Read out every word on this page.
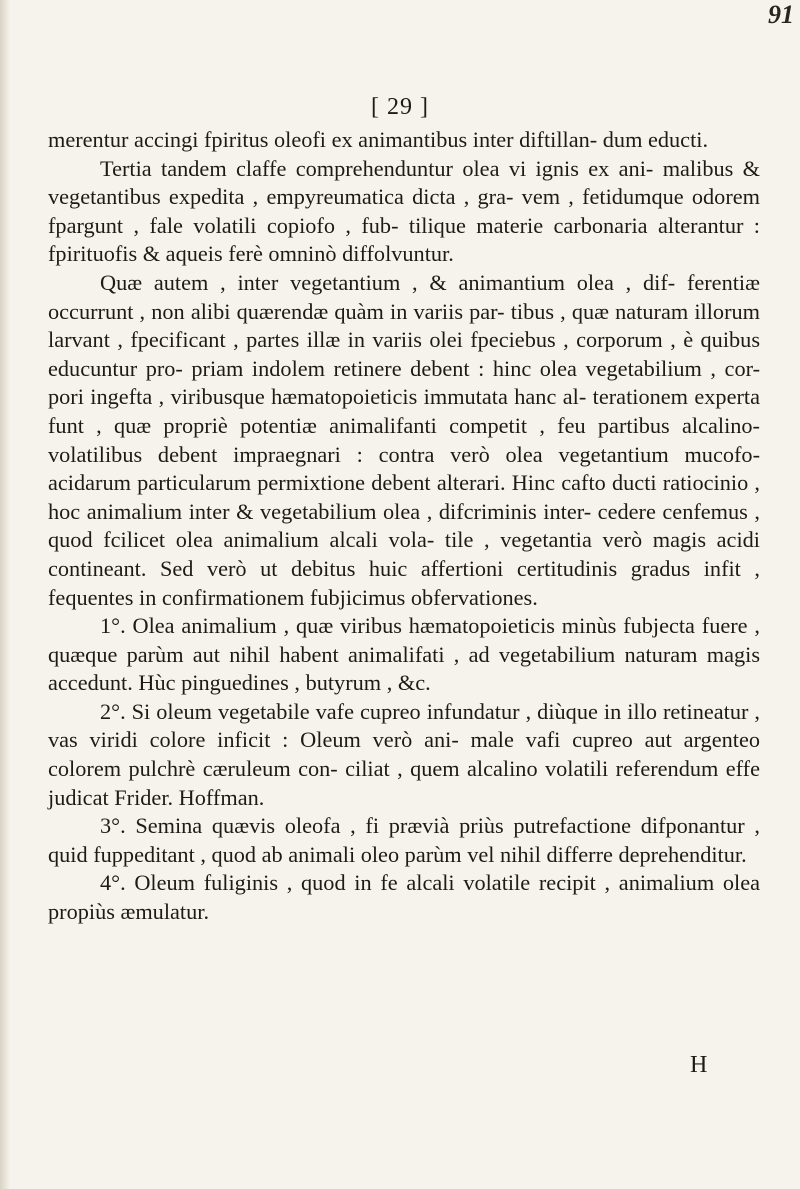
91
[ 29 ]

merentur accingi fpiritus oleofi ex animantibus inter diftillan- dum educti.

Tertia tandem claffe comprehenduntur olea vi ignis ex ani- malibus & vegetantibus expedita , empyreumatica dicta , gra- vem , fetidumque odorem fpargunt , fale volatili copiofo , fub- tilique materie carbonaria alterantur : fpirituofis & aqueis ferè omninò diffolvuntur.

Quæ autem , inter vegetantium , & animantium olea , dif- ferentiæ occurrunt , non alibi quærendæ quàm in variis par- tibus , quæ naturam illorum larvant , fpecificant , partes illæ in variis olei fpeciebus , corporum , è quibus educuntur pro- priam indolem retinere debent : hinc olea vegetabilium , cor- pori ingefta , viribusque hæmatopoieticis immutata hanc al- terationem experta funt , quæ propriè potentiæ animalifanti competit , feu partibus alcalino-volatilibus debent impraegnari : contra verò olea vegetantium mucofo-acidarum particularum permixtione debent alterari. Hinc cafto ducti ratiocinio , hoc animalium inter & vegetabilium olea , difcriminis inter- cedere cenfemus , quod fcilicet olea animalium alcali vola- tile , vegetantia verò magis acidi contineant. Sed verò ut debitus huic affertioni certitudinis gradus infit , fequentes in confirmationem fubjicimus obfervationes.

1°. Olea animalium , quæ viribus hæmatopoieticis minùs fubjecta fuere , quæque parùm aut nihil habent animalifati , ad vegetabilium naturam magis accedunt. Hùc pinguedines , butyrum , &c.

2°. Si oleum vegetabile vafe cupreo infundatur , diùque in illo retineatur , vas viridi colore inficit : Oleum verò ani- male vafi cupreo aut argenteo colorem pulchrè cæruleum con- ciliat , quem alcalino volatili referendum effe judicat Frider. Hoffman.

3°. Semina quævis oleofa , fi prævià priùs putrefactione difponantur , quid fuppeditant , quod ab animali oleo parùm vel nihil differre deprehenditur.

4°. Oleum fuliginis , quod in fe alcali volatile recipit , animalium olea propiùs æmulatur.

H
